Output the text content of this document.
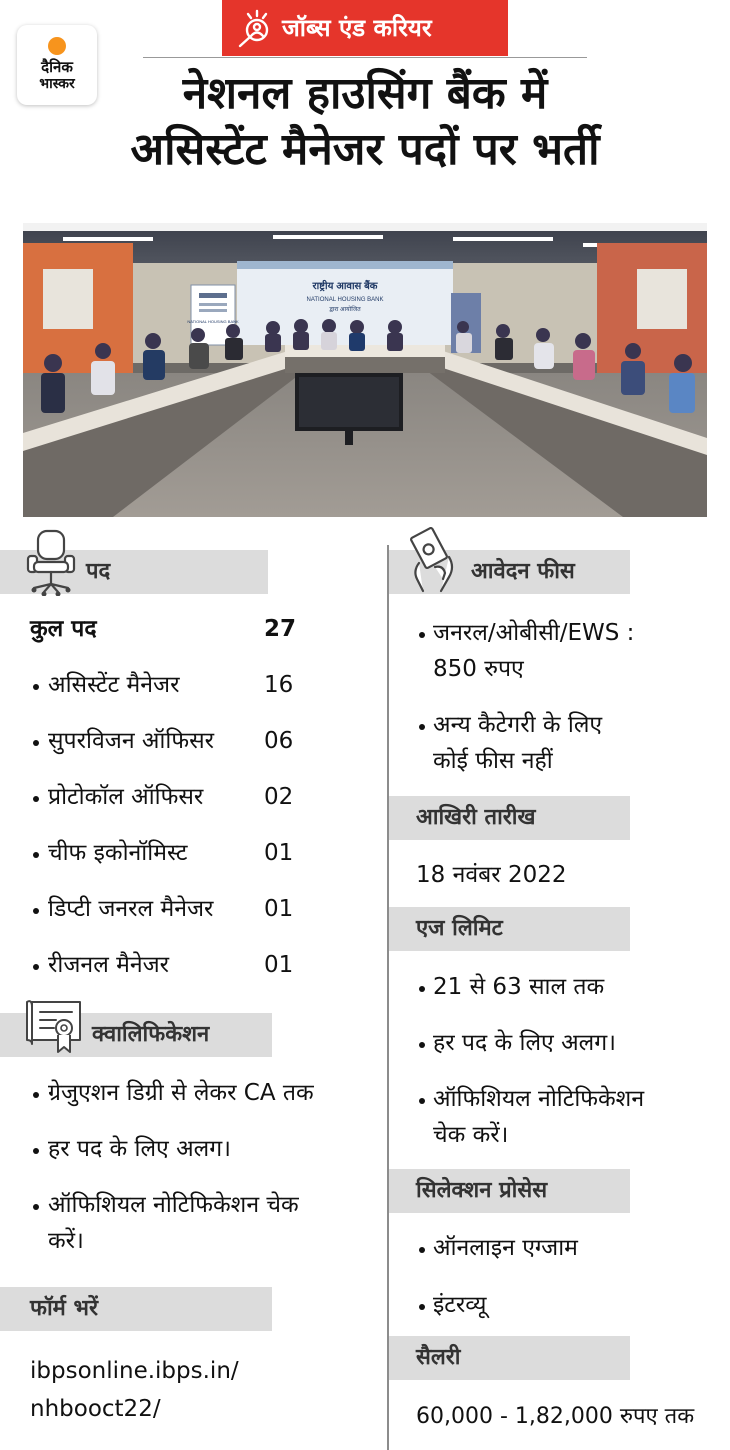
दैनिक
भास्कर
जॉब्स एंड करियर
नेशनल हाउसिंग बैंक में
असिस्टेंट मैनेजर पदों पर भर्ती
राष्ट्रीय आवास बैंक
NATIONAL HOUSING BANK
द्वारा आयोजित
NATIONAL HOUSING BANK
पद
कुल पद	27
असिस्टेंट मैनेजर	16
सुपरविजन ऑफिसर 06
प्रोटोकॉल ऑफिसर	02
चीफ इकोनॉमिस्ट	01
डिप्टी जनरल मैनेजर 01
रीजनल मैनेजर	01
क्वालिफिकेशन
ग्रेजुएशन डिग्री से लेकर CA तक
हर पद के लिए अलग।
ऑफिशियल नोटिफिकेशन चेक
करें।
फॉर्म भरें
ibpsonline.ibps.in/
nhbooct22/
आवेदन फीस
जनरल/ओबीसी/EWS :
850 रुपए
अन्य कैटेगरी के लिए
कोई फीस नहीं
आखिरी तारीख
18 नवंबर 2022
एज लिमिट
21 से 63 साल तक
हर पद के लिए अलग।
ऑफिशियल नोटिफिकेशन
चेक करें।
सिलेक्शन प्रोसेस
ऑनलाइन एग्जाम
इंटरव्यू
सैलरी
60,000 - 1,82,000 रुपए तक
